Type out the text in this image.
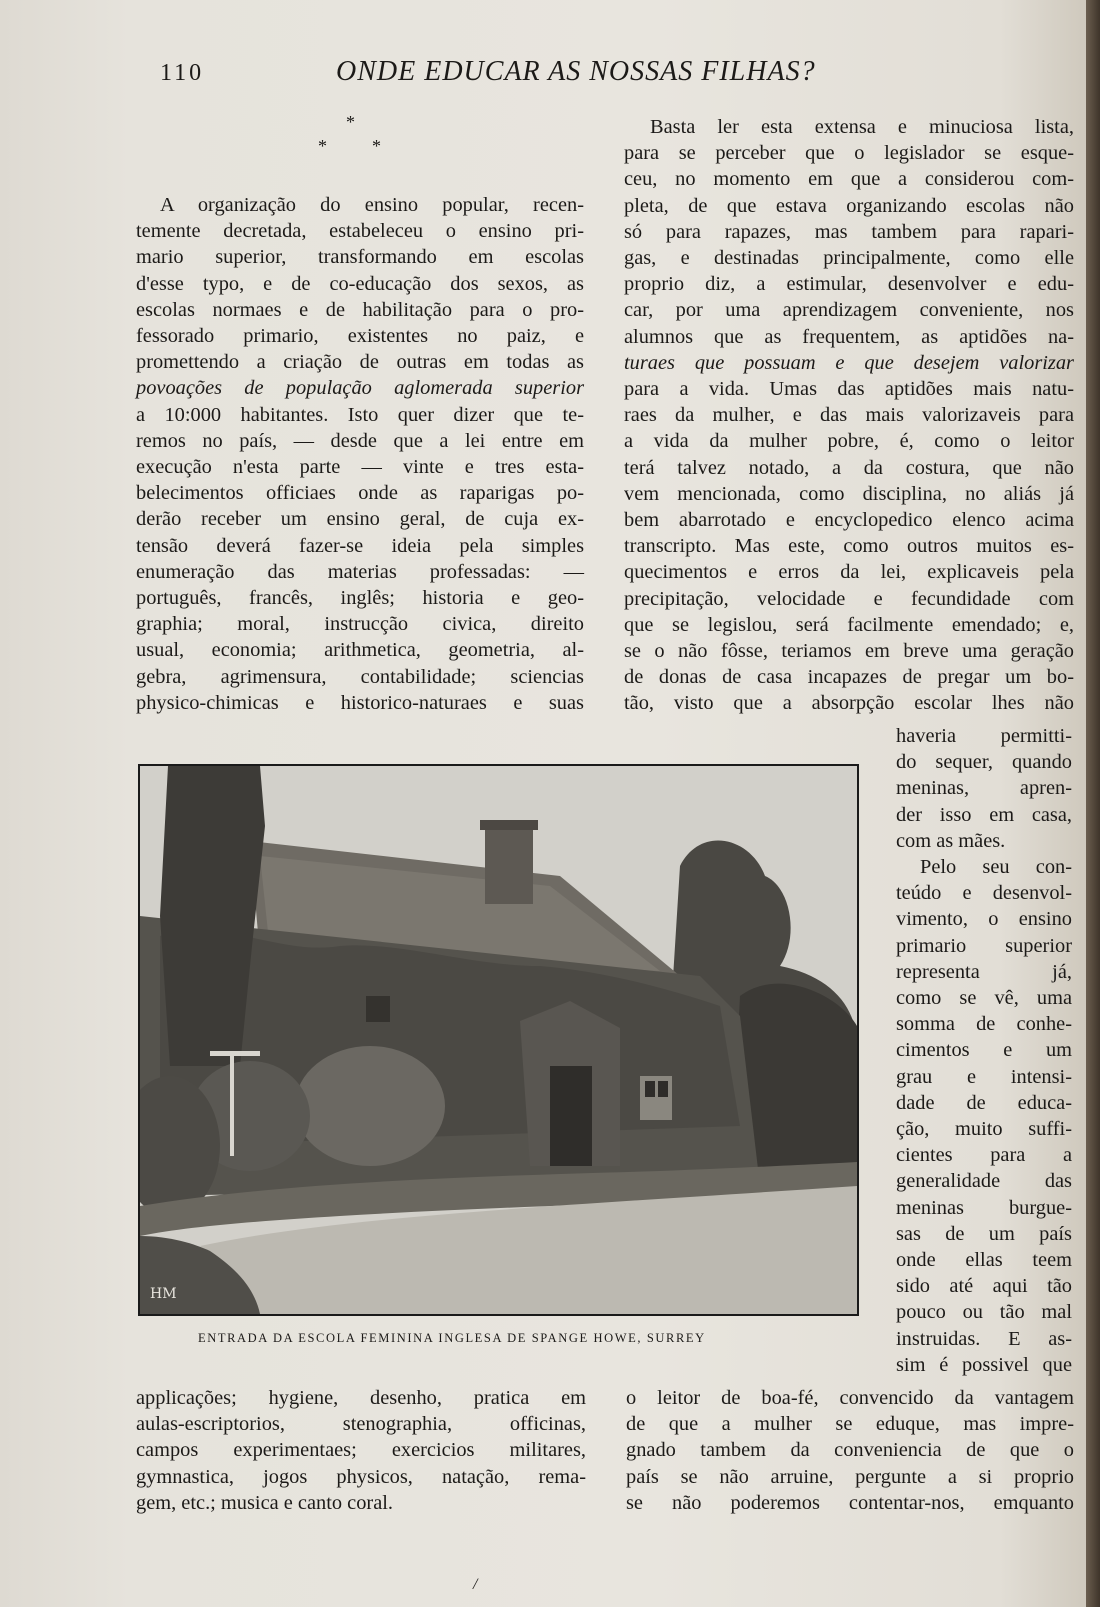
110	ONDE EDUCAR AS NOSSAS FILHAS?
*
*	*
A organização do ensino popular, recen-
temente decretada, estabeleceu o ensino pri-
mario superior, transformando em escolas
d'esse typo, e de co-educação dos sexos, as
escolas normaes e de habilitação para o pro-
fessorado primario, existentes no paiz, e
promettendo a criação de outras em todas as
povoações de população aglomerada superior
a 10:000 habitantes. Isto quer dizer que te-
remos no país, — desde que a lei entre em
execução n'esta parte — vinte e tres esta-
belecimentos officiaes onde as raparigas po-
derão receber um ensino geral, de cuja ex-
tensão deverá fazer-se ideia pela simples
enumeração das materias professadas: —
português, francês, inglês; historia e geo-
graphia; moral, instrucção civica, direito
usual, economia; arithmetica, geometria, al-
gebra, agrimensura, contabilidade; sciencias
physico-chimicas e historico-naturaes e suas
Basta ler esta extensa e minuciosa lista,
para se perceber que o legislador se esque-
ceu, no momento em que a considerou com-
pleta, de que estava organizando escolas não
só para rapazes, mas tambem para rapari-
gas, e destinadas principalmente, como elle
proprio diz, a estimular, desenvolver e edu-
car, por uma aprendizagem conveniente, nos
alumnos que as frequentem, as aptidões na-
turaes que possuam e que desejem valorizar
para a vida. Umas das aptidões mais natu-
raes da mulher, e das mais valorizaveis para
a vida da mulher pobre, é, como o leitor
terá talvez notado, a da costura, que não
vem mencionada, como disciplina, no aliás já
bem abarrotado e encyclopedico elenco acima
transcripto. Mas este, como outros muitos es-
quecimentos e erros da lei, explicaveis pela
precipitação, velocidade e fecundidade com
que se legislou, será facilmente emendado; e,
se o não fôsse, teriamos em breve uma geração
de donas de casa incapazes de pregar um bo-
tão, visto que a absorpção escolar lhes não
haveria permitti-
do sequer, quando
meninas, apren-
der isso em casa,
com as mães.
Pelo seu con-
teúdo e desenvol-
vimento, o ensino
primario superior
representa já,
como se vê, uma
somma de conhe-
cimentos e um
grau e intensi-
dade de educa-
ção, muito suffi-
cientes para a
generalidade das
meninas burgue-
sas de um país
onde ellas teem
sido até aqui tão
pouco ou tão mal
instruidas. E as-
sim é possivel que
HM
ENTRADA DA ESCOLA FEMININA INGLESA DE SPANGE HOWE, SURREY
applicações; hygiene, desenho, pratica em
aulas-escriptorios, stenographia, officinas,
campos experimentaes; exercicios militares,
gymnastica, jogos physicos, natação, rema-
gem, etc.; musica e canto coral.
o leitor de boa-fé, convencido da vantagem
de que a mulher se eduque, mas impre-
gnado tambem da conveniencia de que o
país se não arruine, pergunte a si proprio
se não poderemos contentar-nos, emquanto
/
